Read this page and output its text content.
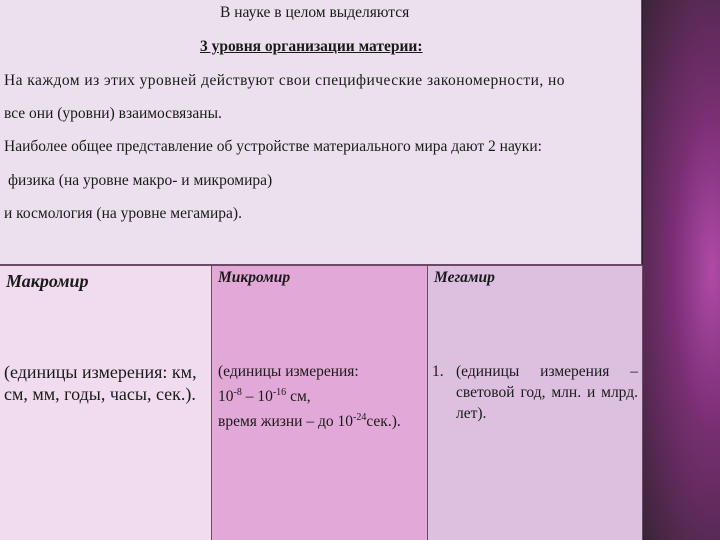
В науке в целом выделяются
3 уровня организации материи:
На каждом из этих уровней действуют свои специфические закономерности, но
все они (уровни) взаимосвязаны.
Наиболее общее представление об устройстве материального мира дают 2 науки:
физика (на уровне макро- и микромира)
и космология (на уровне мегамира).
Макромир
(единицы измерения: км, см, мм, годы, часы, сек.).
Микромир
(единицы измерения:
$10^{-8} - 10^{-16}$ см,
время жизни – до $10^{-24}сек$.).
Мегамир
1. (единицы измерения – световой год, млн. и млрд. лет).
